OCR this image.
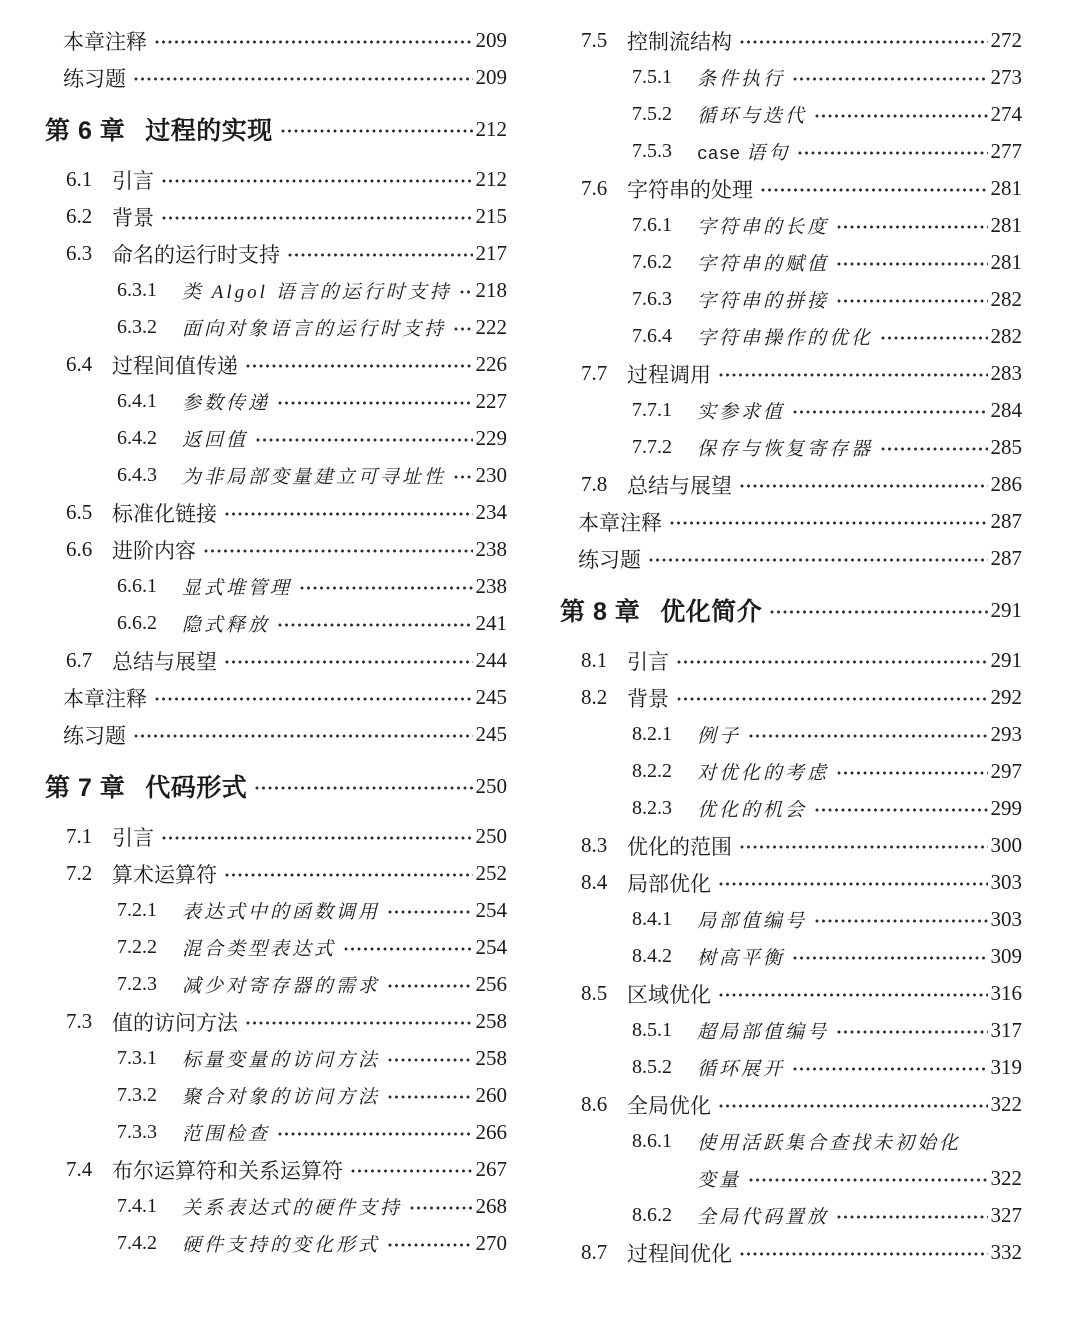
本章注释	209
练习题	209
第 6 章 过程的实现	212
6.1 引言	212
6.2 背景	215
6.3 命名的运行时支持	217
6.3.1	类 Algol 语言的运行时支持 218
6.3.2	面向对象语言的运行时支持 222
6.4 过程间值传递	226
6.4.1	参数传递	227
6.4.2	返回值	229
6.4.3	为非局部变量建立可寻址性 230
6.5 标准化链接	234
6.6 进阶内容	238
6.6.1	显式堆管理	238
6.6.2	隐式释放	241
6.7 总结与展望	244
本章注释	245
练习题	245
第 7 章 代码形式	250
7.1 引言	250
7.2 算术运算符	252
7.2.1	表达式中的函数调用	254
7.2.2	混合类型表达式	254
7.2.3	减少对寄存器的需求	256
7.3 值的访问方法	258
7.3.1	标量变量的访问方法	258
7.3.2	聚合对象的访问方法	260
7.3.3	范围检查	266
7.4 布尔运算符和关系运算符	267
7.4.1	关系表达式的硬件支持	268
7.4.2	硬件支持的变化形式	270
7.5 控制流结构	272
7.5.1	条件执行	273
7.5.2	循环与迭代	274
7.5.3	case 语句	277
7.6 字符串的处理	281
7.6.1	字符串的长度	281
7.6.2	字符串的赋值	281
7.6.3	字符串的拼接	282
7.6.4	字符串操作的优化	282
7.7 过程调用	283
7.7.1	实参求值	284
7.7.2	保存与恢复寄存器	285
7.8 总结与展望	286
本章注释	287
练习题	287
第 8 章 优化简介	291
8.1 引言	291
8.2 背景	292
8.2.1	例子	293
8.2.2	对优化的考虑	297
8.2.3	优化的机会	299
8.3 优化的范围	300
8.4 局部优化	303
8.4.1	局部值编号	303
8.4.2	树高平衡	309
8.5 区域优化	316
8.5.1	超局部值编号	317
8.5.2	循环展开	319
8.6 全局优化	322
8.6.1	使用活跃集合查找未初始化
变量	322
8.6.2	全局代码置放	327
8.7 过程间优化	332
